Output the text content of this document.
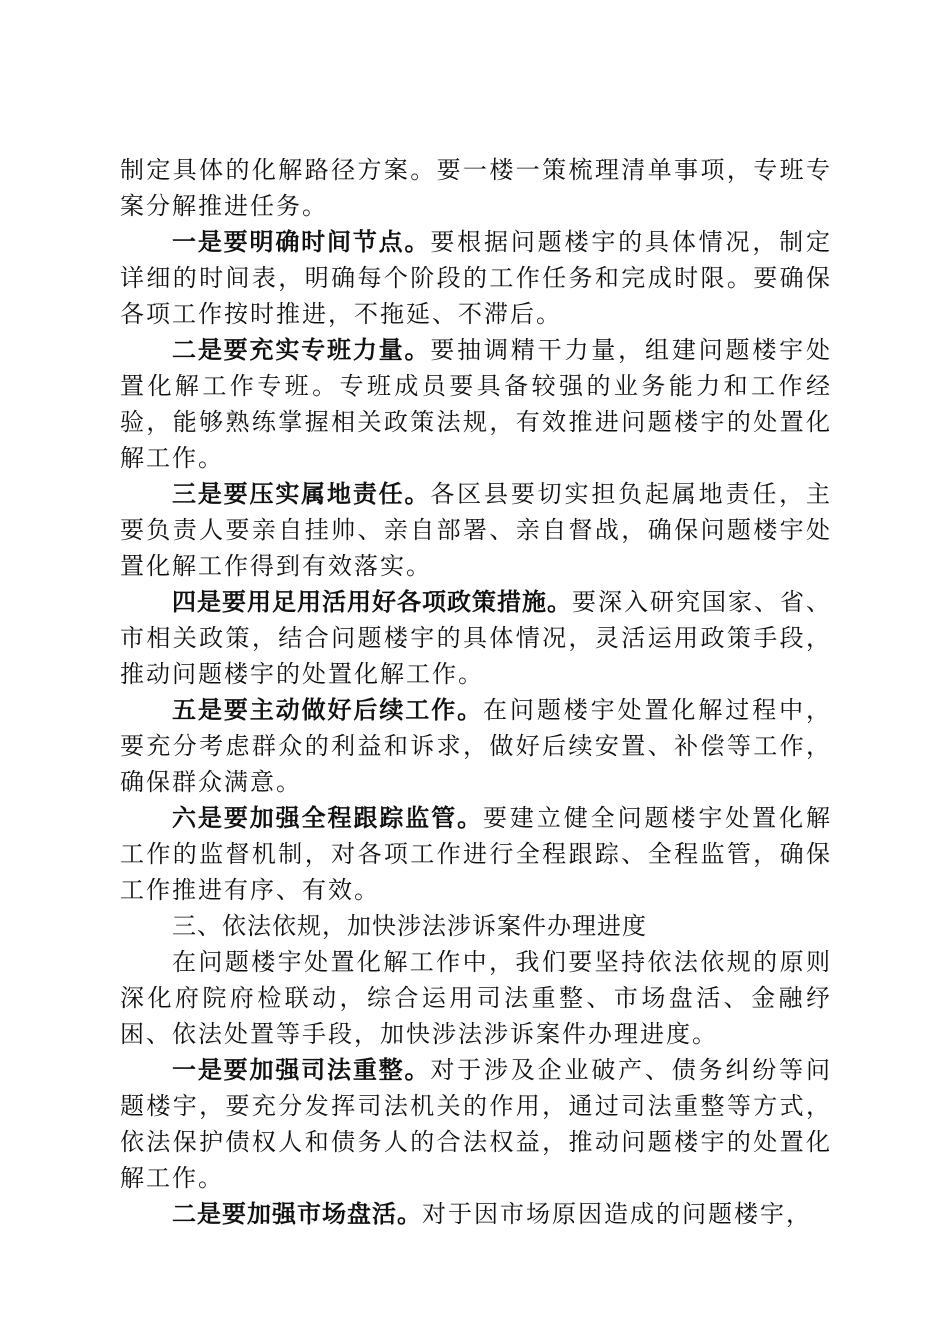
制定具体的化解路径方案。要一楼一策梳理清单事项，专班专案分解推进任务。

一是要明确时间节点。要根据问题楼宇的具体情况，制定详细的时间表，明确每个阶段的工作任务和完成时限。要确保各项工作按时推进，不拖延、不滞后。

二是要充实专班力量。要抽调精干力量，组建问题楼宇处置化解工作专班。专班成员要具备较强的业务能力和工作经验，能够熟练掌握相关政策法规，有效推进问题楼宇的处置化解工作。

三是要压实属地责任。各区县要切实担负起属地责任，主要负责人要亲自挂帅、亲自部署、亲自督战，确保问题楼宇处置化解工作得到有效落实。

四是要用足用活用好各项政策措施。要深入研究国家、省、市相关政策，结合问题楼宇的具体情况，灵活运用政策手段，推动问题楼宇的处置化解工作。

五是要主动做好后续工作。在问题楼宇处置化解过程中，要充分考虑群众的利益和诉求，做好后续安置、补偿等工作，确保群众满意。

六是要加强全程跟踪监管。要建立健全问题楼宇处置化解工作的监督机制，对各项工作进行全程跟踪、全程监管，确保工作推进有序、有效。

三、依法依规，加快涉法涉诉案件办理进度

在问题楼宇处置化解工作中，我们要坚持依法依规的原则深化府院府检联动，综合运用司法重整、市场盘活、金融纾困、依法处置等手段，加快涉法涉诉案件办理进度。

一是要加强司法重整。对于涉及企业破产、债务纠纷等问题楼宇，要充分发挥司法机关的作用，通过司法重整等方式，依法保护债权人和债务人的合法权益，推动问题楼宇的处置化解工作。

二是要加强市场盘活。对于因市场原因造成的问题楼宇，
